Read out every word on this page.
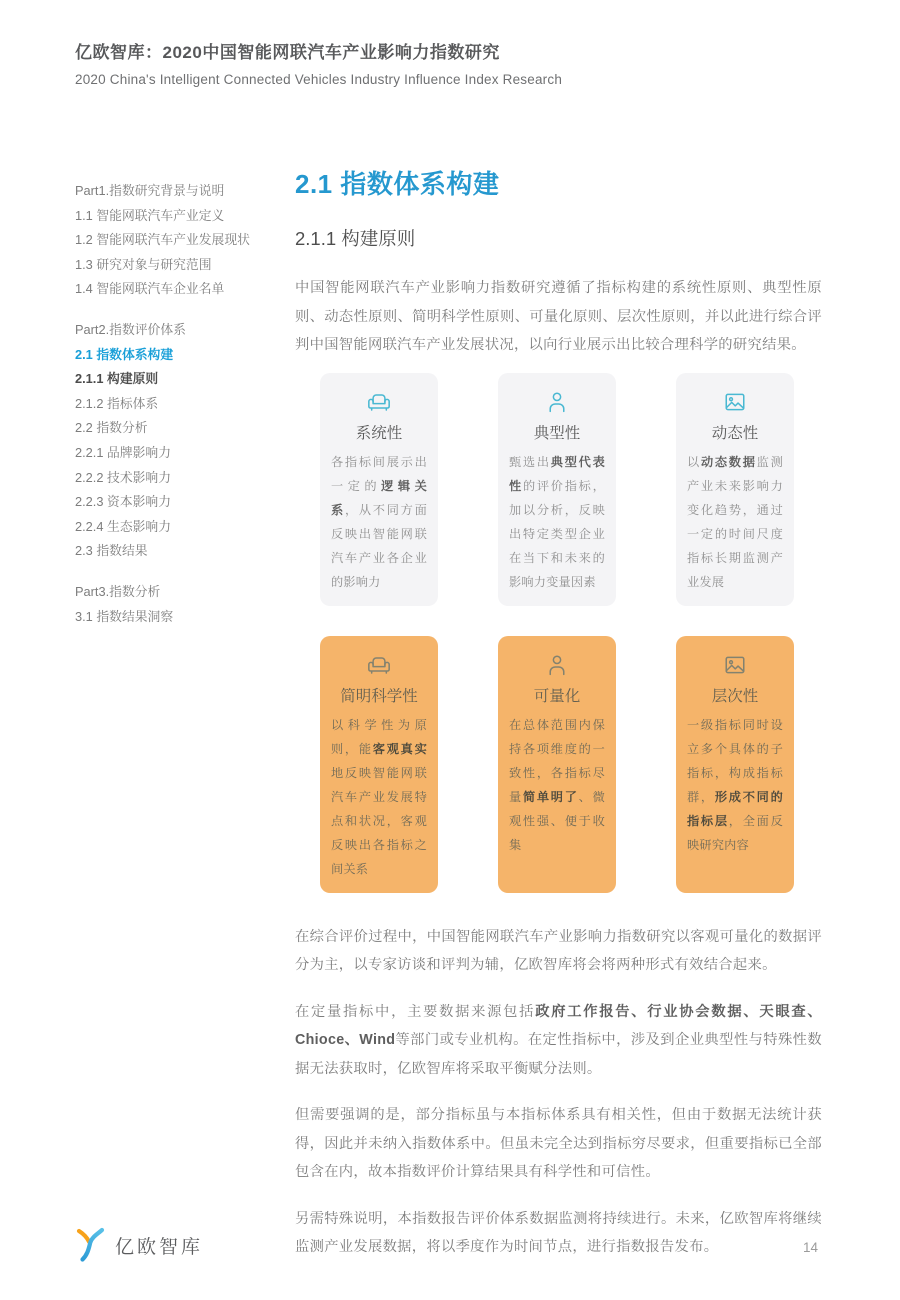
亿欧智库：2020中国智能网联汽车产业影响力指数研究
2020 China's Intelligent Connected Vehicles Industry Influence Index Research
Part1.指数研究背景与说明
1.1 智能网联汽车产业定义
1.2 智能网联汽车产业发展现状
1.3 研究对象与研究范围
1.4 智能网联汽车企业名单
Part2.指数评价体系
2.1 指数体系构建
2.1.1 构建原则
2.1.2 指标体系
2.2 指数分析
2.2.1 品牌影响力
2.2.2 技术影响力
2.2.3 资本影响力
2.2.4 生态影响力
2.3 指数结果
Part3.指数分析
3.1 指数结果洞察
2.1 指数体系构建
2.1.1 构建原则

中国智能网联汽车产业影响力指数研究遵循了指标构建的系统性原则、典型性原则、动态性原则、简明科学性原则、可量化原则、层次性原则，并以此进行综合评判中国智能网联汽车产业发展状况，以向行业展示出比较合理科学的研究结果。

系统性
各指标间展示出一定的逻辑关系，从不同方面反映出智能网联汽车产业各企业的影响力
典型性
甄选出典型代表性的评价指标，加以分析，反映出特定类型企业在当下和未来的影响力变量因素
动态性
以动态数据监测产业未来影响力变化趋势，通过一定的时间尺度指标长期监测产业发展
简明科学性
以科学性为原则，能客观真实地反映智能网联汽车产业发展特点和状况，客观反映出各指标之间关系
可量化
在总体范围内保持各项维度的一致性，各指标尽量简单明了、微观性强、便于收集
层次性
一级指标同时设立多个具体的子指标，构成指标群，形成不同的指标层，全面反映研究内容

在综合评价过程中，中国智能网联汽车产业影响力指数研究以客观可量化的数据评分为主，以专家访谈和评判为辅，亿欧智库将会将两种形式有效结合起来。

在定量指标中，主要数据来源包括政府工作报告、行业协会数据、天眼查、Chioce、Wind等部门或专业机构。在定性指标中，涉及到企业典型性与特殊性数据无法获取时，亿欧智库将采取平衡赋分法则。

但需要强调的是，部分指标虽与本指标体系具有相关性，但由于数据无法统计获得，因此并未纳入指数体系中。但虽未完全达到指标穷尽要求，但重要指标已全部包含在内，故本指数评价计算结果具有科学性和可信性。

另需特殊说明，本指数报告评价体系数据监测将持续进行。未来，亿欧智库将继续监测产业发展数据，将以季度作为时间节点，进行指数报告发布。

亿欧智库	14
